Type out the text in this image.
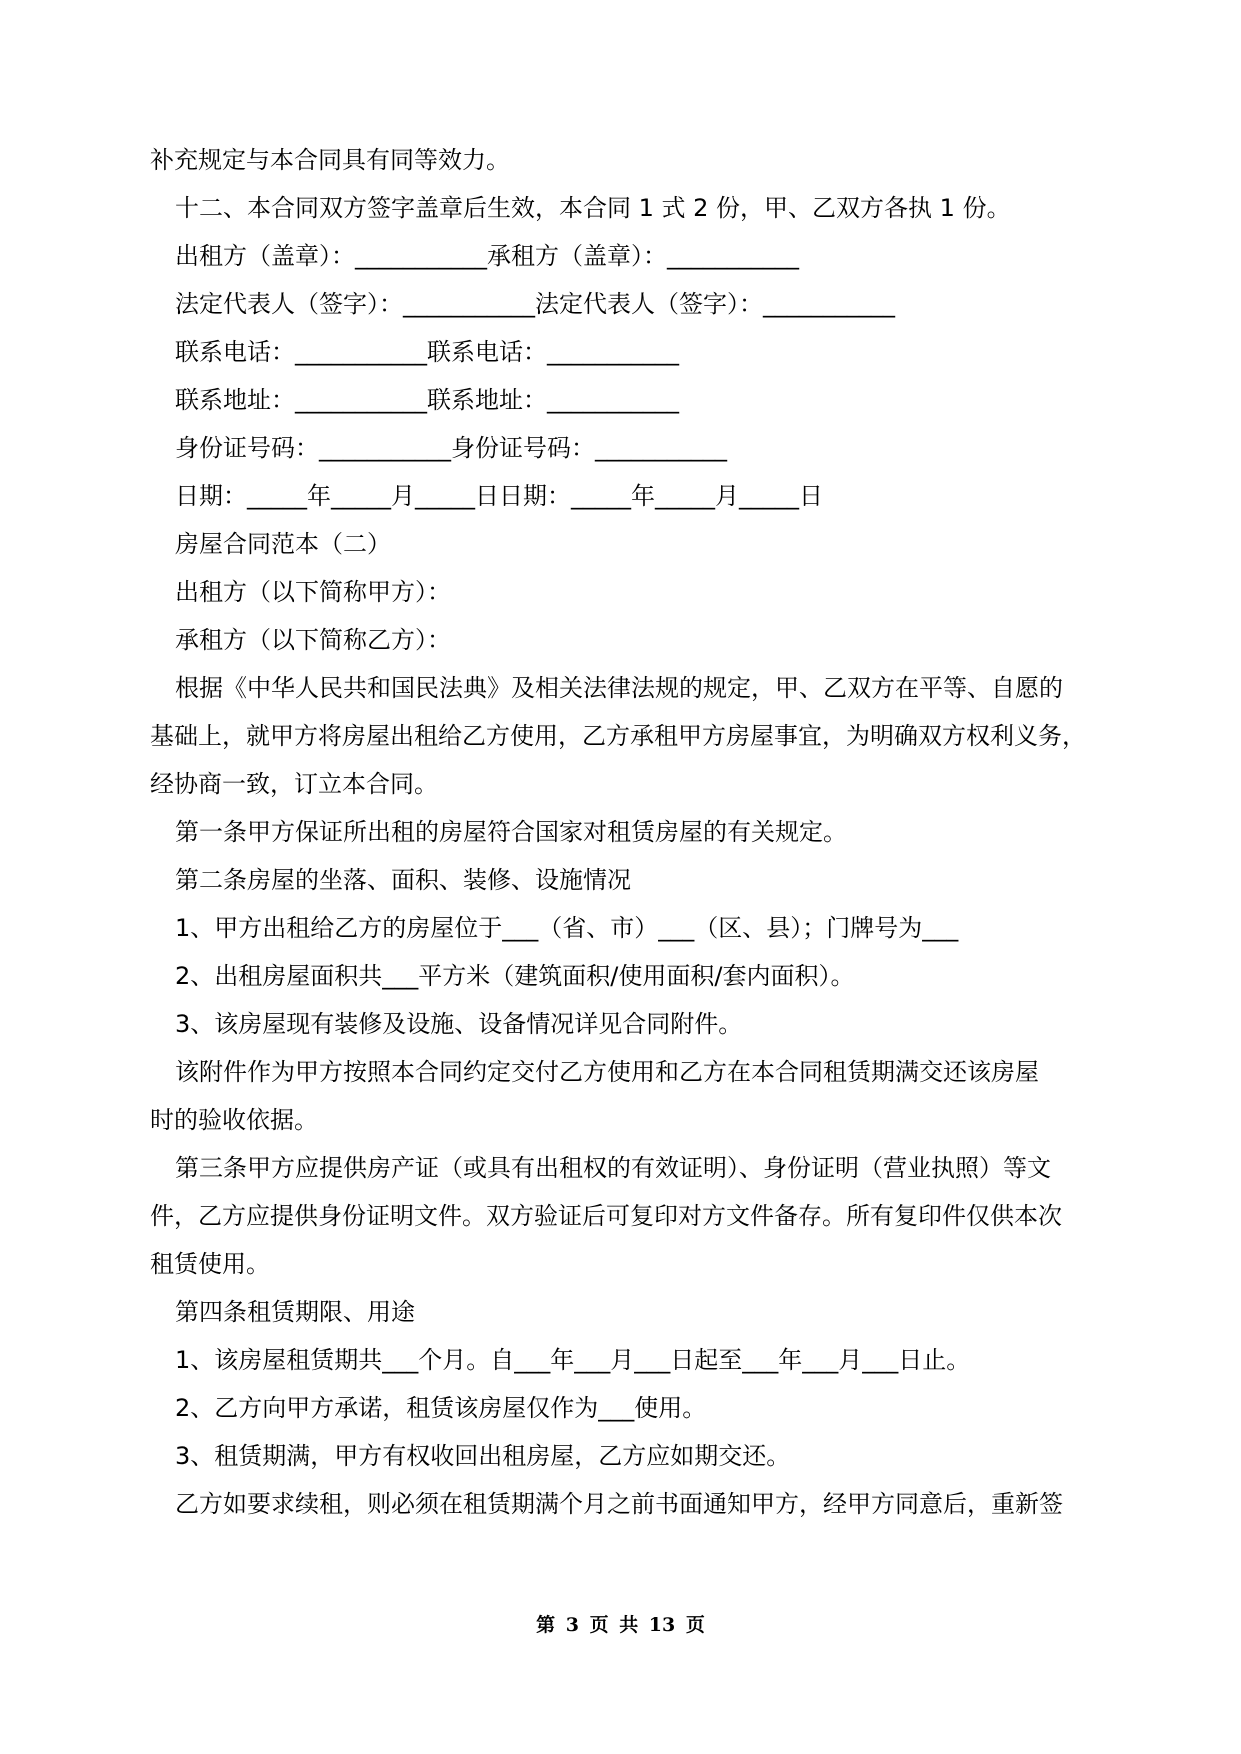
补充规定与本合同具有同等效力。
十二、本合同双方签字盖章后生效，本合同 1 式 2 份，甲、乙双方各执 1 份。
出租方（盖章）：___________承租方（盖章）：___________
法定代表人（签字）：___________法定代表人（签字）：___________
联系电话：___________联系电话：___________
联系地址：___________联系地址：___________
身份证号码：___________身份证号码：___________
日期：_____年_____月_____日日期：_____年_____月_____日
房屋合同范本（二）
出租方（以下简称甲方）：
承租方（以下简称乙方）：
根据《中华人民共和国民法典》及相关法律法规的规定，甲、乙双方在平等、自愿的
基础上，就甲方将房屋出租给乙方使用，乙方承租甲方房屋事宜，为明确双方权利义务，
经协商一致，订立本合同。
第一条甲方保证所出租的房屋符合国家对租赁房屋的有关规定。
第二条房屋的坐落、面积、装修、设施情况
1、甲方出租给乙方的房屋位于___（省、市）___（区、县）；门牌号为___
2、出租房屋面积共___平方米（建筑面积/使用面积/套内面积）。
3、该房屋现有装修及设施、设备情况详见合同附件。
该附件作为甲方按照本合同约定交付乙方使用和乙方在本合同租赁期满交还该房屋
时的验收依据。
第三条甲方应提供房产证（或具有出租权的有效证明）、身份证明（营业执照）等文
件，乙方应提供身份证明文件。双方验证后可复印对方文件备存。所有复印件仅供本次
租赁使用。
第四条租赁期限、用途
1、该房屋租赁期共___个月。自___年___月___日起至___年___月___日止。
2、乙方向甲方承诺，租赁该房屋仅作为___使用。
3、租赁期满，甲方有权收回出租房屋，乙方应如期交还。
乙方如要求续租，则必须在租赁期满个月之前书面通知甲方，经甲方同意后，重新签
第 3 页 共 13 页
